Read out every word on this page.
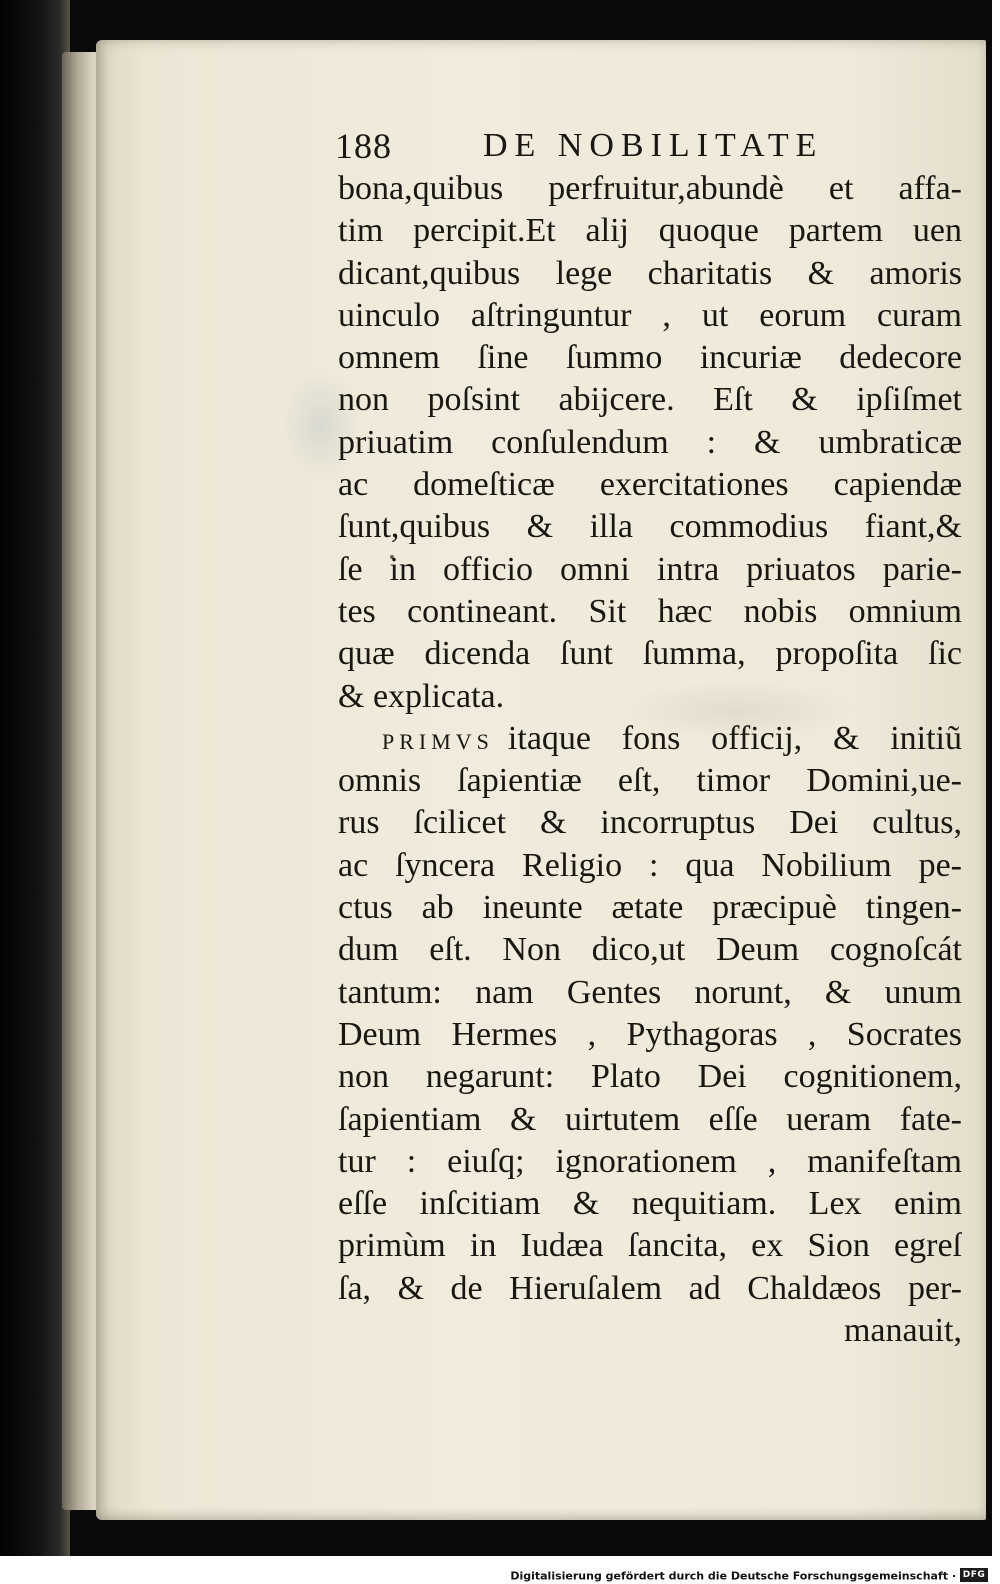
188	DE NOBILITATE
bona,quibus perfruitur,abundè et affa-
tim percipit.Et alij quoque partem uen
dicant,quibus lege charitatis & amoris
uinculo aſtringuntur , ut eorum curam
omnem ſine ſummo incuriæ dedecore
non poſsint abijcere. Eſt & ipſiſmet
priuatim conſulendum : & umbraticæ
ac domeſticæ exercitationes capiendæ
ſunt,quibus & illa commodius fiant,&
ſe in officio omni intra priuatos parie-
tes contineant. Sit hæc nobis omnium
quæ dicenda ſunt ſumma, propoſita ſic
& explicata.
PRIMVS itaque fons officij, & initiũ
omnis ſapientiæ eſt, timor Domini,ue-
rus ſcilicet & incorruptus Dei cultus,
ac ſyncera Religio : qua Nobilium pe-
ctus ab ineunte ætate præcipuè tingen-
dum eſt. Non dico,ut Deum cognoſcát
tantum: nam Gentes norunt, & unum
Deum Hermes , Pythagoras , Socrates
non negarunt: Plato Dei cognitionem,
ſapientiam & uirtutem eſſe ueram fate-
tur : eiuſq; ignorationem , manifeſtam
eſſe inſcitiam & nequitiam. Lex enim
primùm in Iudæa ſancita, ex Sion egreſ
ſa, & de Hieruſalem ad Chaldæos per-
manauit,
Digitalisierung gefördert durch die Deutsche Forschungsgemeinschaft · DFG
